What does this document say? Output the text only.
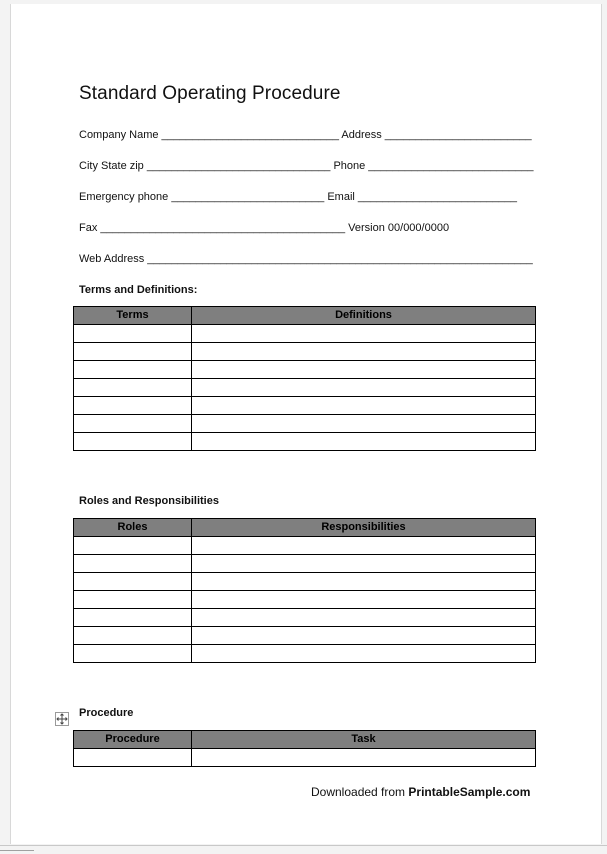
Standard Operating Procedure
Company Name _____________________________ Address ________________________
City State zip ______________________________ Phone ___________________________
Emergency phone _________________________ Email __________________________
Fax ________________________________________ Version 00/000/0000
Web Address _______________________________________________________________
Terms and Definitions:
Terms	Definitions

Roles and Responsibilities
Roles	Responsibilities

Procedure
Procedure	Task

Downloaded from PrintableSample.com
